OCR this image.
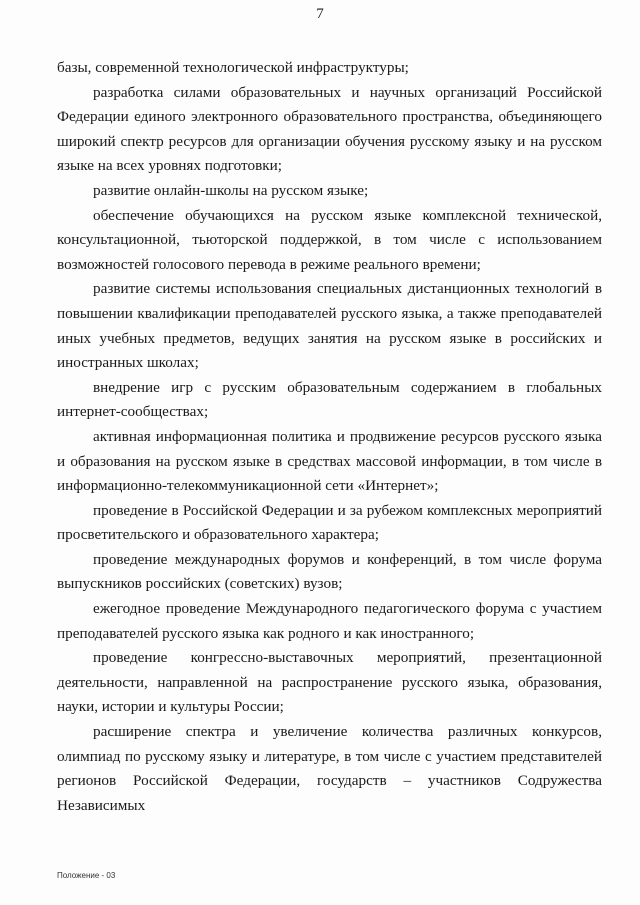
7

базы, современной технологической инфраструктуры;

разработка силами образовательных и научных организаций Российской Федерации единого электронного образовательного пространства, объединяющего широкий спектр ресурсов для организации обучения русскому языку и на русском языке на всех уровнях подготовки;

развитие онлайн-школы на русском языке;

обеспечение обучающихся на русском языке комплексной технической, консультационной, тьюторской поддержкой, в том числе с использованием возможностей голосового перевода в режиме реального времени;

развитие системы использования специальных дистанционных технологий в повышении квалификации преподавателей русского языка, а также преподавателей иных учебных предметов, ведущих занятия на русском языке в российских и иностранных школах;

внедрение игр с русским образовательным содержанием в глобальных интернет-сообществах;

активная информационная политика и продвижение ресурсов русского языка и образования на русском языке в средствах массовой информации, в том числе в информационно-телекоммуникационной сети «Интернет»;

проведение в Российской Федерации и за рубежом комплексных мероприятий просветительского и образовательного характера;

проведение международных форумов и конференций, в том числе форума выпускников российских (советских) вузов;

ежегодное проведение Международного педагогического форума с участием преподавателей русского языка как родного и как иностранного;

проведение конгрессно-выставочных мероприятий, презентационной деятельности, направленной на распространение русского языка, образования, науки, истории и культуры России;

расширение спектра и увеличение количества различных конкурсов, олимпиад по русскому языку и литературе, в том числе с участием представителей регионов Российской Федерации, государств – участников Содружества Независимых

Положение - 03
